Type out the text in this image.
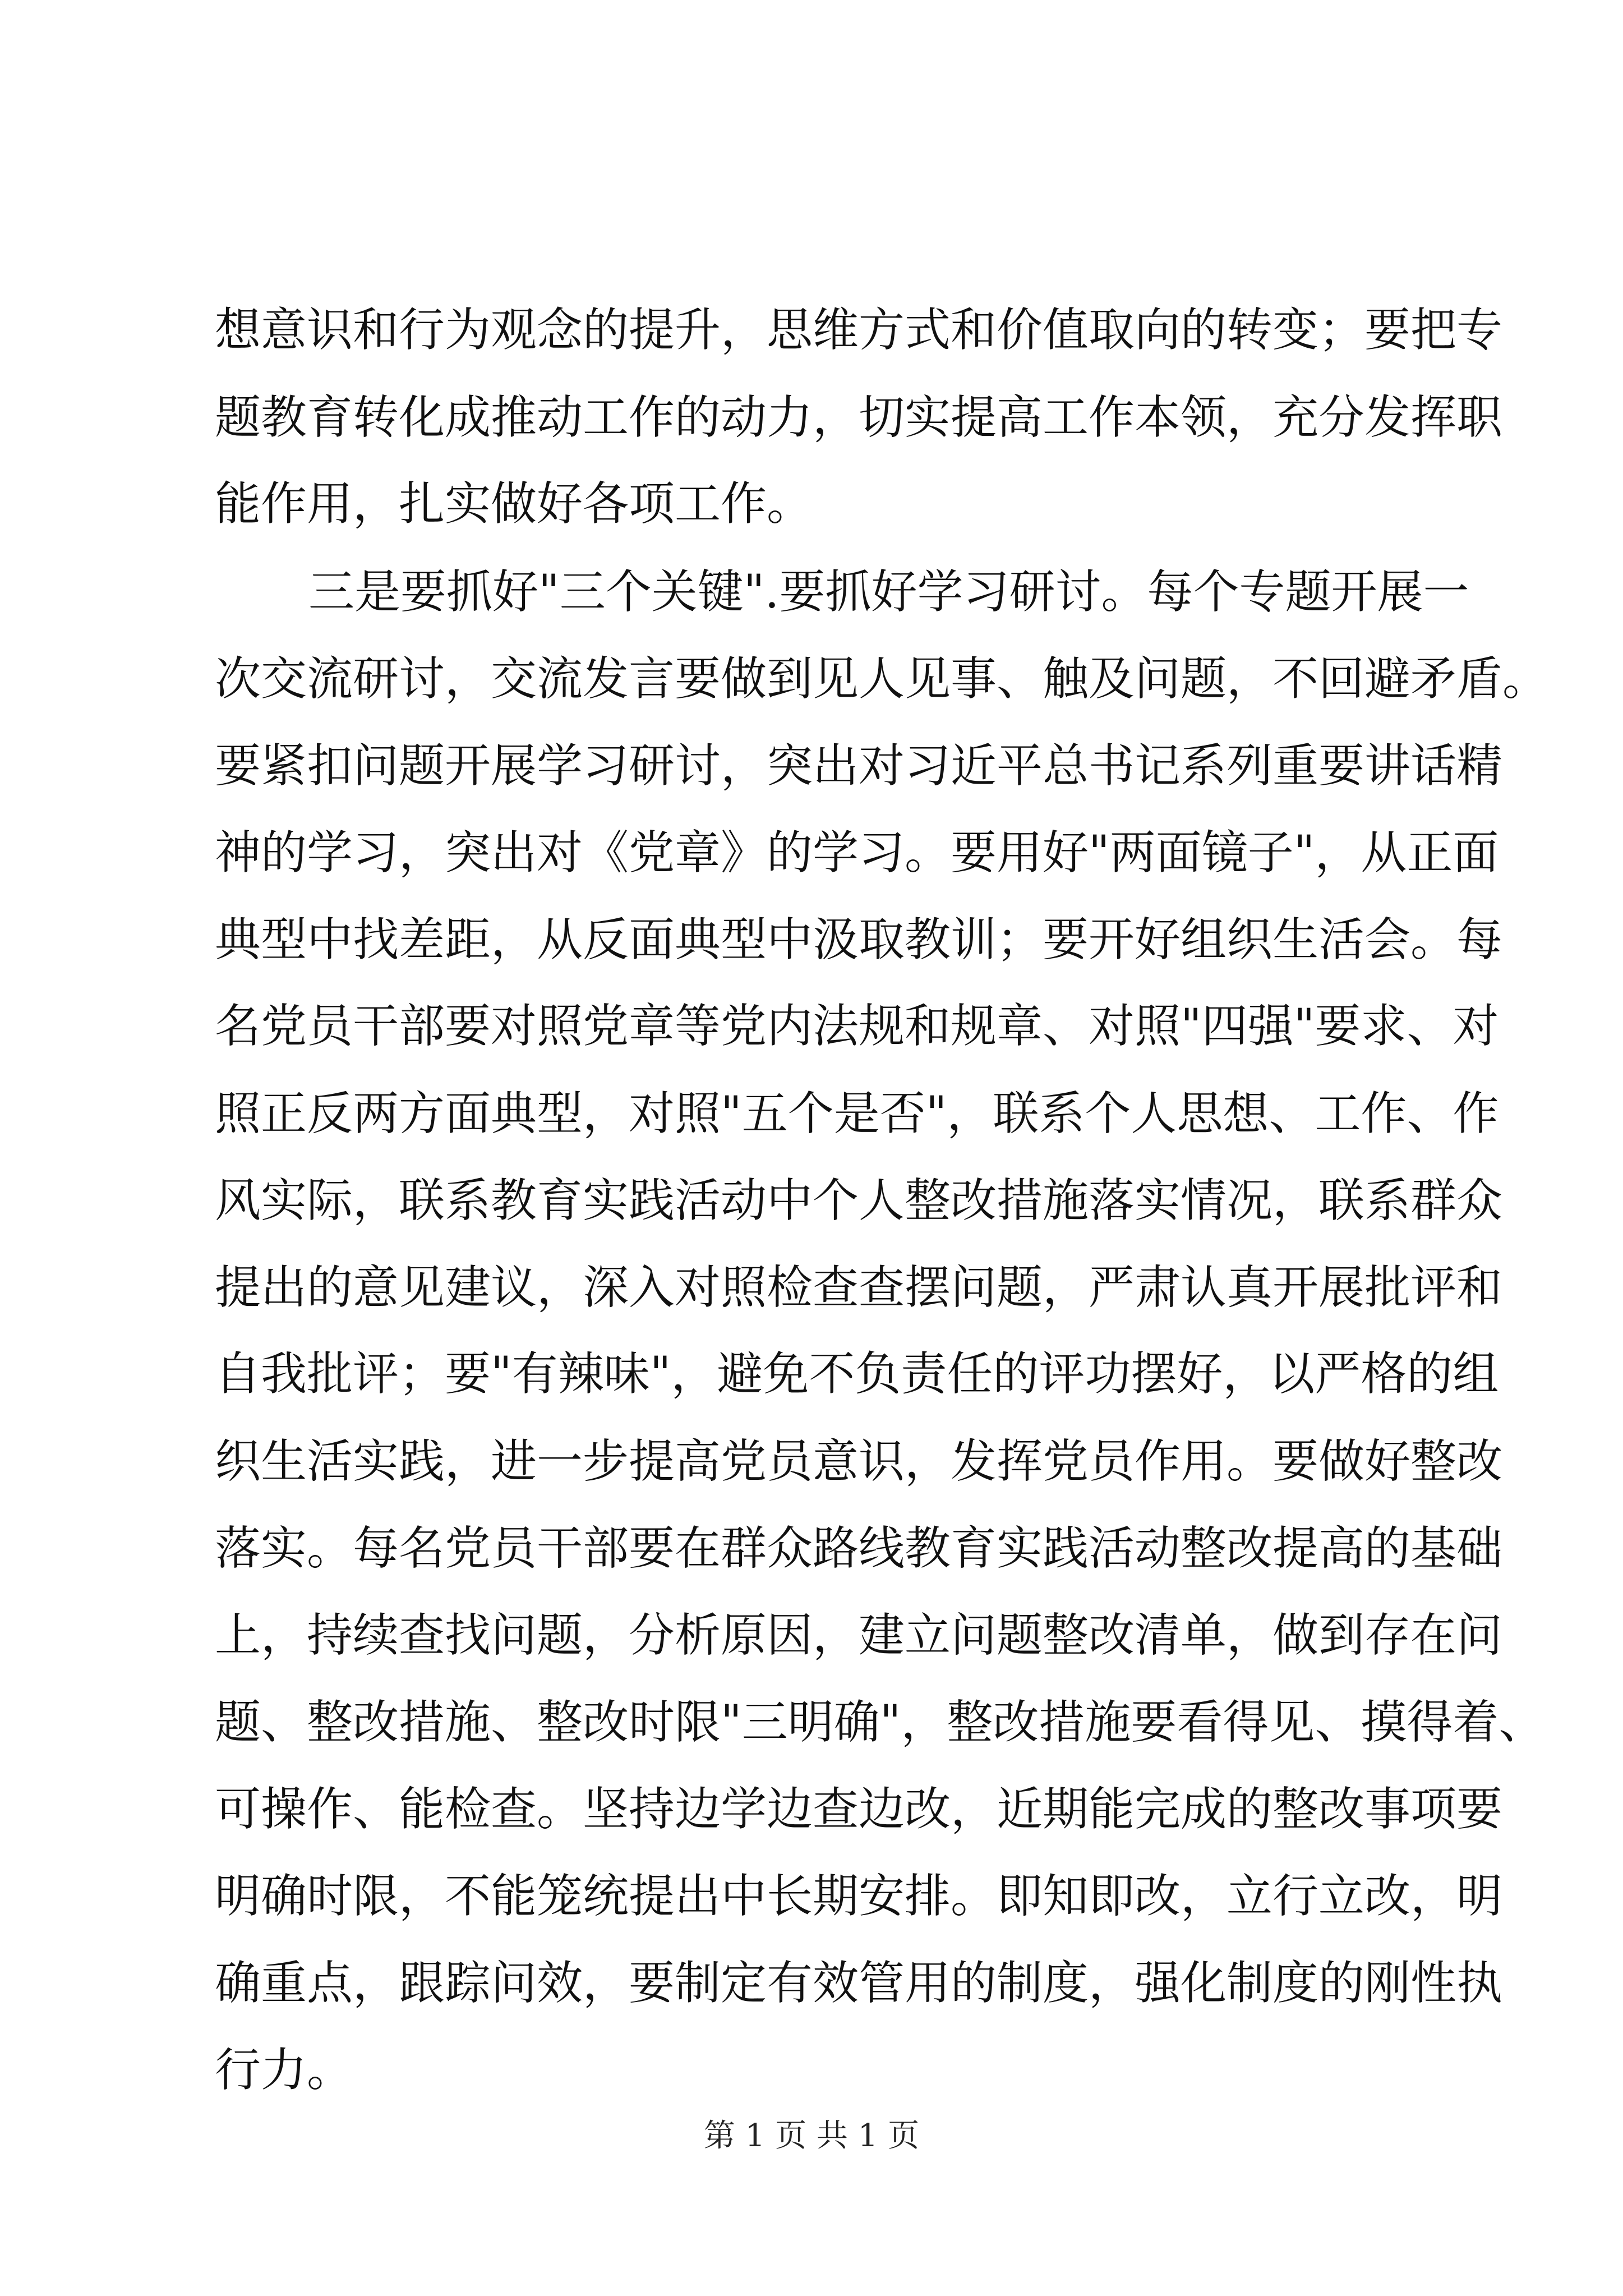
想意识和行为观念的提升，思维方式和价值取向的转变；要把专
题教育转化成推动工作的动力，切实提高工作本领，充分发挥职
能作用，扎实做好各项工作。
三是要抓好"三个关键".要抓好学习研讨。每个专题开展一
次交流研讨，交流发言要做到见人见事、触及问题，不回避矛盾。
要紧扣问题开展学习研讨，突出对习近平总书记系列重要讲话精
神的学习，突出对《党章》的学习。要用好"两面镜子"，从正面
典型中找差距，从反面典型中汲取教训；要开好组织生活会。每
名党员干部要对照党章等党内法规和规章、对照"四强"要求、对
照正反两方面典型，对照"五个是否"，联系个人思想、工作、作
风实际，联系教育实践活动中个人整改措施落实情况，联系群众
提出的意见建议，深入对照检查查摆问题，严肃认真开展批评和
自我批评；要"有辣味"，避免不负责任的评功摆好，以严格的组
织生活实践，进一步提高党员意识，发挥党员作用。要做好整改
落实。每名党员干部要在群众路线教育实践活动整改提高的基础
上，持续查找问题，分析原因，建立问题整改清单，做到存在问
题、整改措施、整改时限"三明确"，整改措施要看得见、摸得着、
可操作、能检查。坚持边学边查边改，近期能完成的整改事项要
明确时限，不能笼统提出中长期安排。即知即改，立行立改，明
确重点，跟踪问效，要制定有效管用的制度，强化制度的刚性执
行力。
第 1 页 共 1 页
